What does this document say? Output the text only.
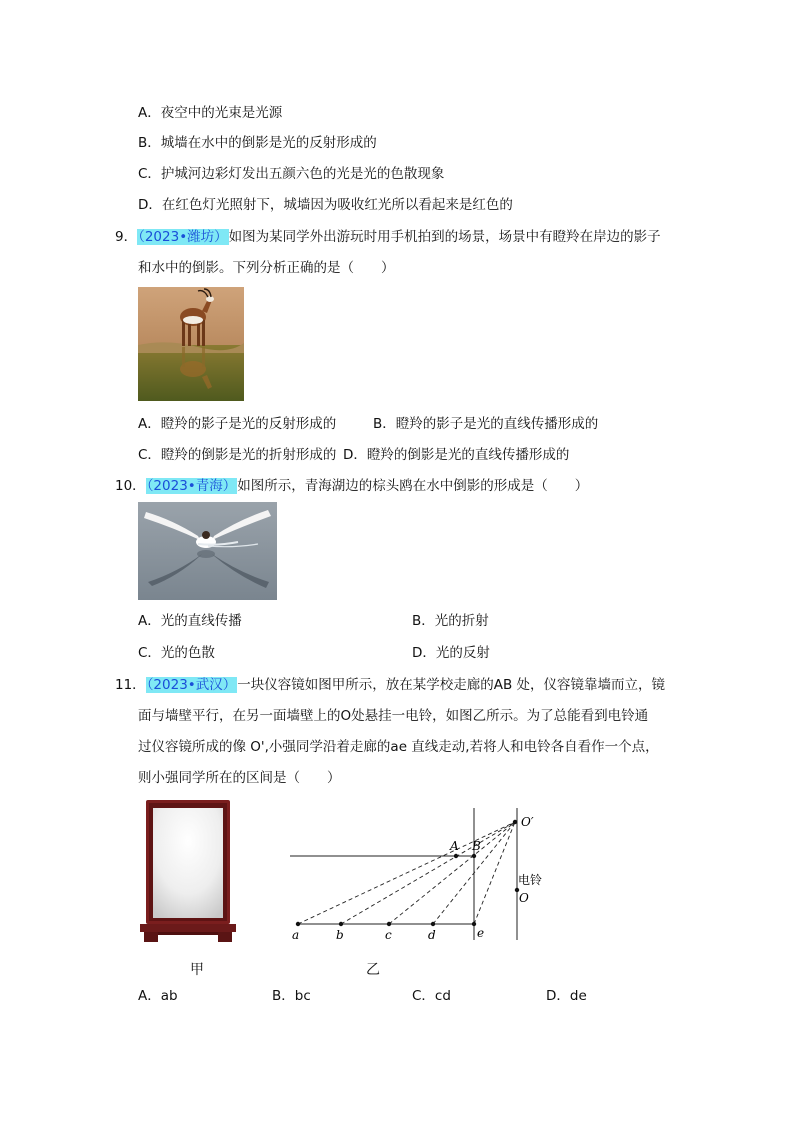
A．夜空中的光束是光源
B．城墙在水中的倒影是光的反射形成的
C．护城河边彩灯发出五颜六色的光是光的色散现象
D．在红色灯光照射下，城墙因为吸收红光所以看起来是红色的
9．（2023•潍坊）如图为某同学外出游玩时用手机拍到的场景，场景中有瞪羚在岸边的影子
和水中的倒影。下列分析正确的是（　　）
A．瞪羚的影子是光的反射形成的	B．瞪羚的影子是光的直线传播形成的
C．瞪羚的倒影是光的折射形成的 D．瞪羚的倒影是光的直线传播形成的
10．（2023•青海）如图所示，青海湖边的棕头鸥在水中倒影的形成是（　　）
A．光的直线传播	B．光的折射
C．光的色散	D．光的反射
11．（2023•武汉）一块仪容镜如图甲所示，放在某学校走廊的AB 处，仪容镜靠墙而立，镜
面与墙壁平行，在另一面墙壁上的O处悬挂一电铃，如图乙所示。为了总能看到电铃通
过仪容镜所成的像 O',小强同学沿着走廊的ae 直线走动,若将人和电铃各自看作一个点，
则小强同学所在的区间是（　　）
甲
O′
A B
电铃
O
a	b	c	d	e
乙
A．ab	B．bc	C．cd	D．de
